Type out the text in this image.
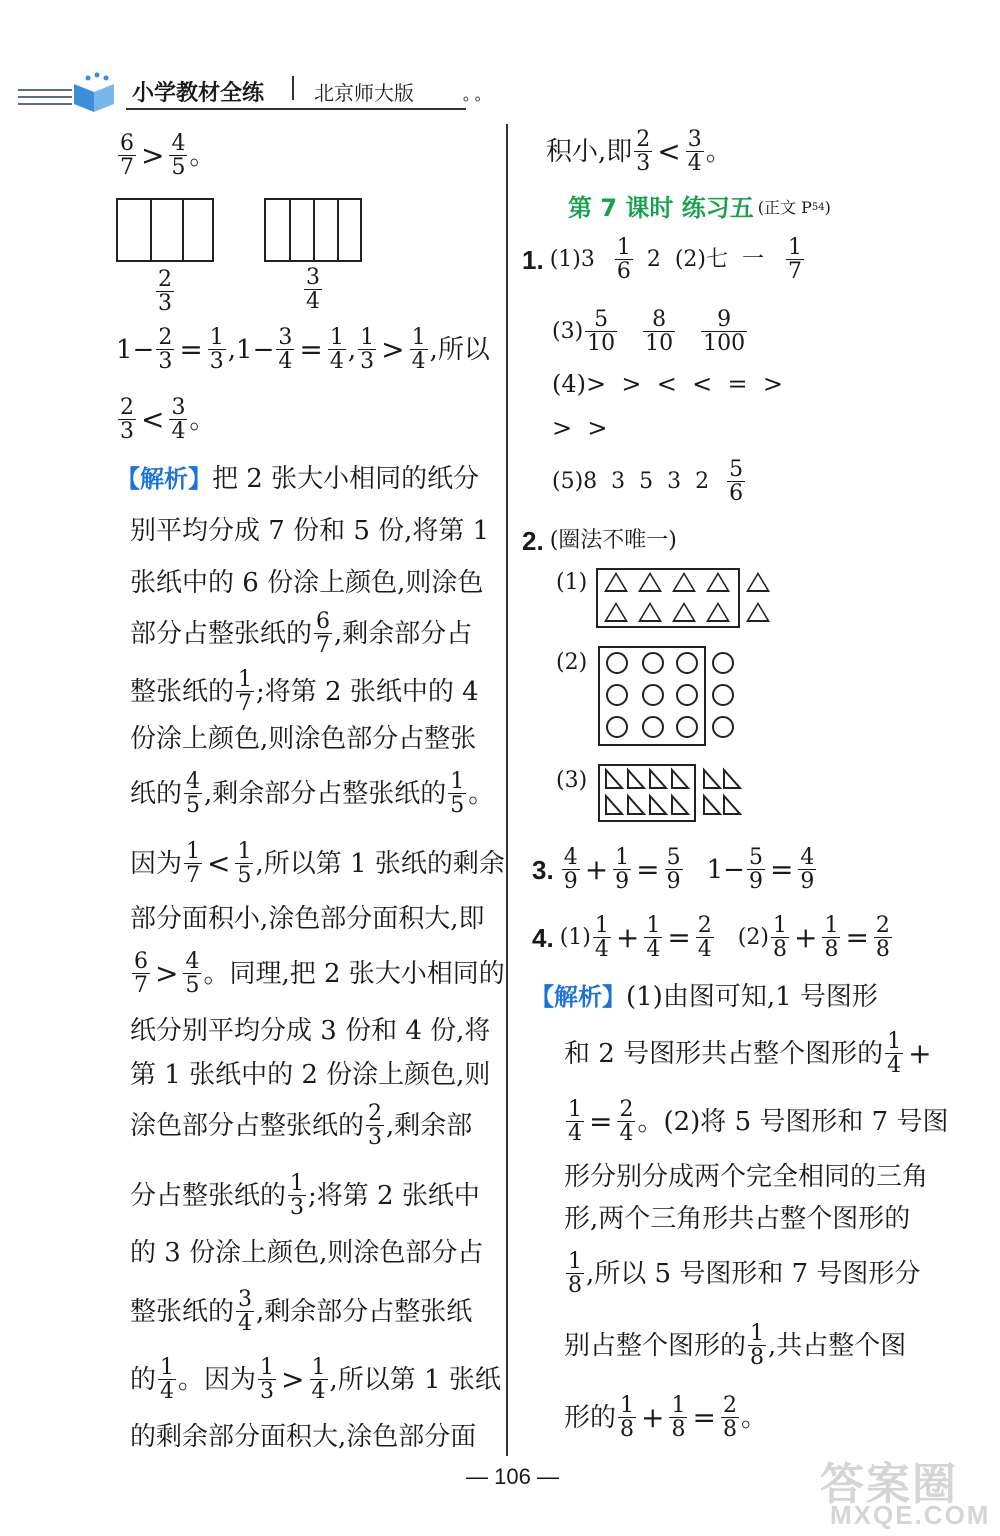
小学教材全练 北京师大版	⚬⚬
$\frac{6}{7} > \frac{4}{5}$ 。
$\frac{2}{3}$	$\frac{3}{4}$
$1- \frac{2}{3} = \frac{1}{3} ,1- \frac{3}{4} = \frac{1}{4}$ , $\frac{1}{3} > \frac{1}{4}$ ,所以
$\frac{2}{3} < \frac{3}{4}$ 。
【解析】 把 2 张大小相同的纸分
别平均分成 7 份和 5 份,将第 1
张纸中的 6 份涂上颜色,则涂色
部分占整张纸的 $\frac{6}{7}$ ,剩余部分占
整张纸的 $\frac{1}{7}$ ;将第 2 张纸中的 4
份涂上颜色,则涂色部分占整张
纸的 $\frac{4}{5}$ ,剩余部分占整张纸的 $\frac{1}{5}$ 。
因为 $\frac{1}{7} < \frac{1}{5}$ ,所以第 1 张纸的剩余
部分面积小,涂色部分面积大,即
$\frac{6}{7} > \frac{4}{5}$ 。同理,把 2 张大小相同的
纸分别平均分成 3 份和 4 份,将
第 1 张纸中的 2 份涂上颜色,则
涂色部分占整张纸的 $\frac{2}{3}$ ,剩余部
分占整张纸的 $\frac{1}{3}$ ;将第 2 张纸中
的 3 份涂上颜色,则涂色部分占
整张纸的 $\frac{3}{4}$ ,剩余部分占整张纸
的 $\frac{1}{4}$ 。因为 $\frac{1}{3} > \frac{1}{4}$ ,所以第 1 张纸
的剩余部分面积大,涂色部分面
积小,即 $\frac{2}{3} < \frac{3}{4}$ 。
第 7 课时 练习五 (正文 P 54 )
1. $(1)3 \frac{1}{6} 2$  (2)七  一 $\frac{1}{7}$
$(3) \frac{5}{10} \frac{8}{10} \frac{9}{100}$
(4)>  >  <  <  =  >
>  >
(5)8  3  5  3  $2 \frac{5}{6}$
2. (圈法不唯一)
(1)
(2)
(3)
3. $\frac{4}{9} + \frac{1}{9} = \frac{5}{9} 1- \frac{5}{9} = \frac{4}{9}$
4. $(1) \frac{1}{4} + \frac{1}{4} = \frac{2}{4} (2) \frac{1}{8} + \frac{1}{8} = \frac{2}{8}$
【解析】 (1)由图可知,1 号图形
和 2 号图形共占整个图形的 $\frac{1}{4}$ +
$\frac{1}{4} = \frac{2}{4}$ 。(2)将 5 号图形和 7 号图
形分别分成两个完全相同的三角
形,两个三角形共占整个图形的
$\frac{1}{8}$ ,所以 5 号图形和 7 号图形分
别占整个图形的 $\frac{1}{8}$ ,共占整个图
形的 $\frac{1}{8} + \frac{1}{8} = \frac{2}{8}$ 。
— 106 —	答案圈
MXQE.COM
